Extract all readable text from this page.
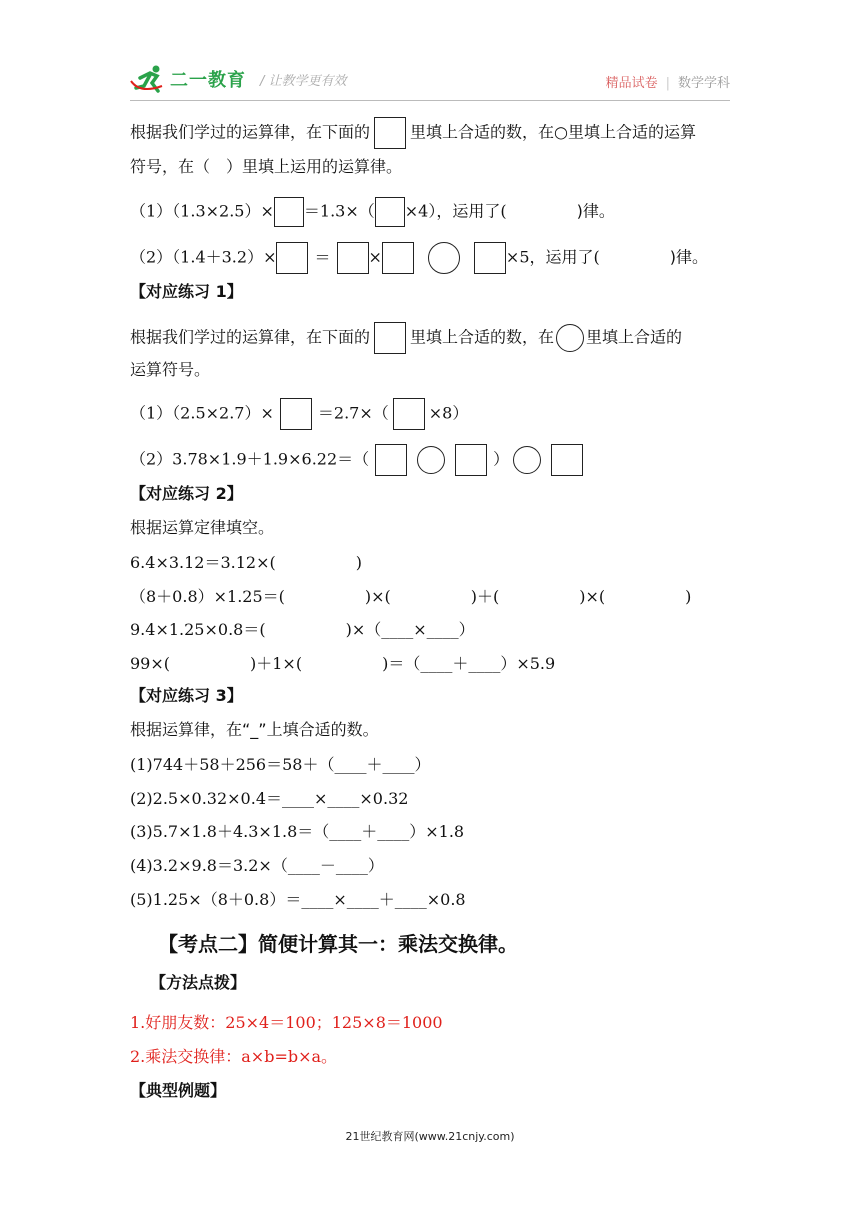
二一教育 / 让教学更有效	精品试卷 | 数学学科
根据我们学过的运算律，在下面的	里填上合适的数，在○里填上合适的运算
符号，在（　）里填上运用的运算律。
（1）（1.3×2.5）× ＝1.3×（ ×4），运用了(	)律。
（2）（1.4＋3.2）× ＝ ×	×5，运用了(	)律。
【对应练习 1】
根据我们学过的运算律，在下面的	里填上合适的数，在 里填上合适的
运算符号。
（1）（2.5×2.7）×	＝2.7×（	×8）
（2）3.78×1.9＋1.9×6.22＝（	）
【对应练习 2】
根据运算定律填空。
6.4×3.12＝3.12×(　　　　　)
（8＋0.8）×1.25＝(　　　　　)×(　　　　　)＋(　　　　　)×(　　　　　)
9.4×1.25×0.8＝(　　　　　)×（____×____）
99×(　　　　　)＋1×(　　　　　)＝（____＋____）×5.9
【对应练习 3】
根据运算律，在“_”上填合适的数。
(1)744＋58＋256＝58＋（____＋____）
(2)2.5×0.32×0.4＝____×____×0.32
(3)5.7×1.8＋4.3×1.8＝（____＋____）×1.8
(4)3.2×9.8＝3.2×（____－____）
(5)1.25×（8＋0.8）＝____×____＋____×0.8
【考点二】简便计算其一：乘法交换律。
【方法点拨】
1.好朋友数：25×4＝100；125×8＝1000
2.乘法交换律：a×b=b×a。
【典型例题】
21世纪教育网(www.21cnjy.com)
